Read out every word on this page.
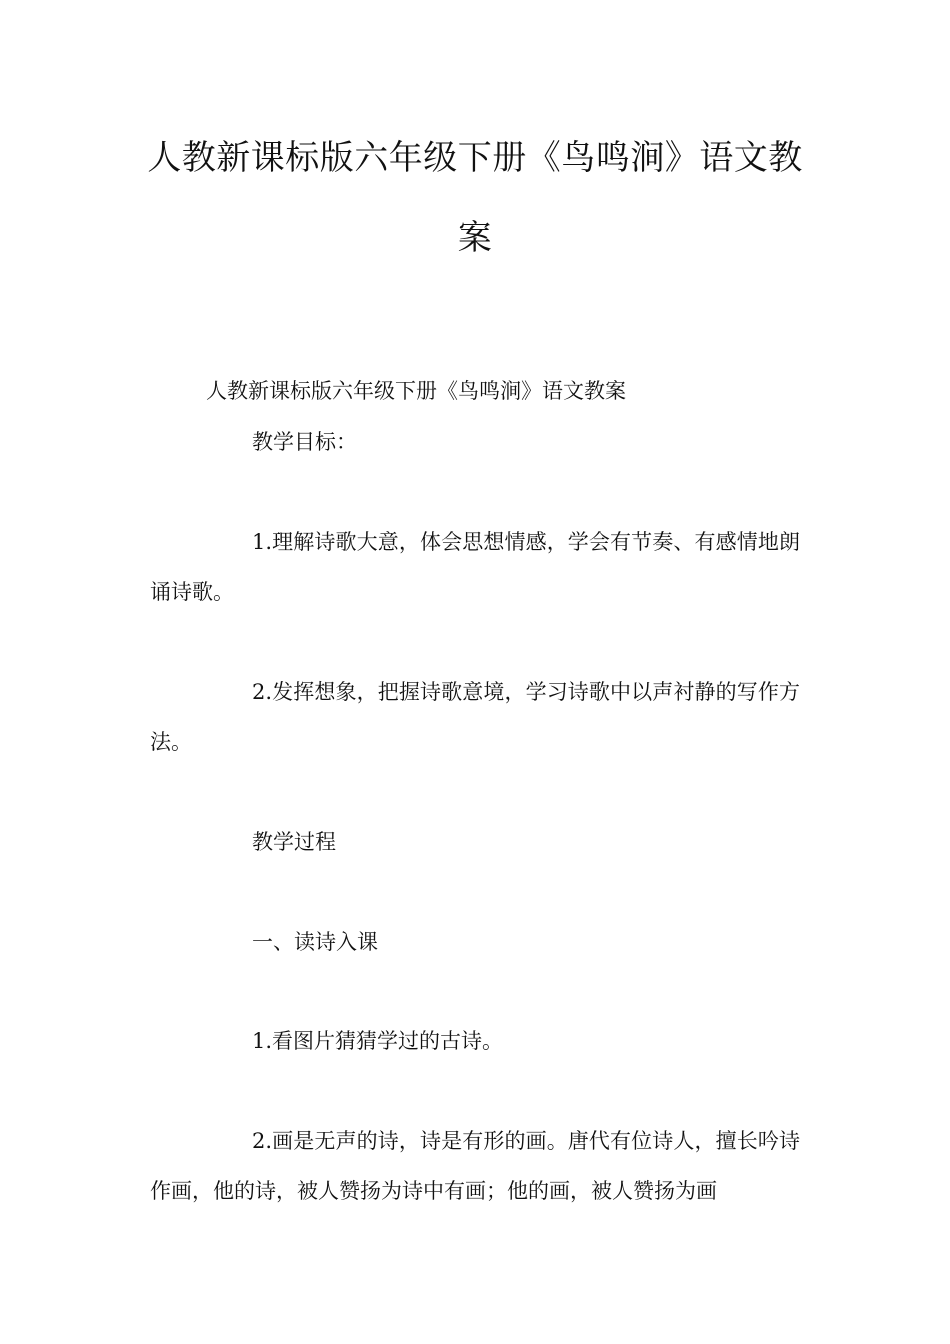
人教新课标版六年级下册《鸟鸣涧》语文教案

人教新课标版六年级下册《鸟鸣涧》语文教案

教学目标：

1.理解诗歌大意，体会思想情感，学会有节奏、有感情地朗诵诗歌。

2.发挥想象，把握诗歌意境，学习诗歌中以声衬静的写作方法。

教学过程

一、读诗入课

1.看图片猜猜学过的古诗。

2.画是无声的诗，诗是有形的画。唐代有位诗人，擅长吟诗作画，他的诗，被人赞扬为诗中有画；他的画，被人赞扬为画
